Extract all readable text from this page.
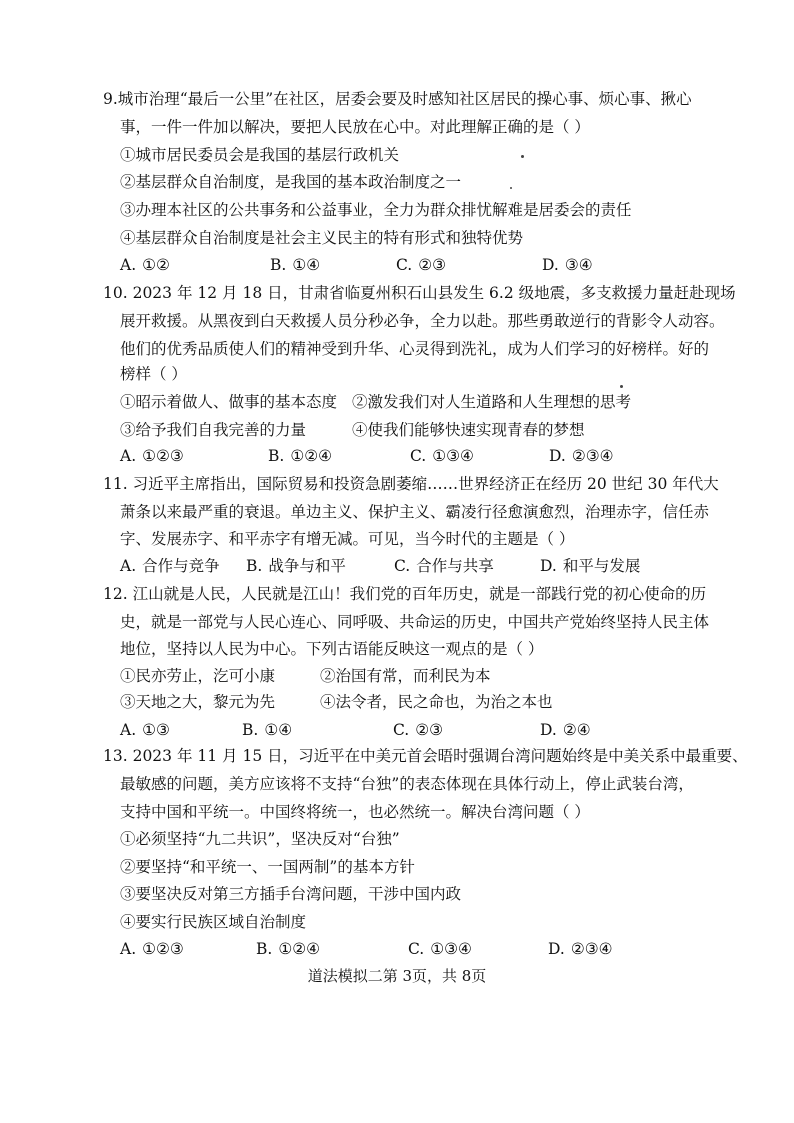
9.城市治理“最后一公里”在社区，居委会要及时感知社区居民的操心事、烦心事、揪心
事，一件一件加以解决，要把人民放在心中。对此理解正确的是（ ）
①城市居民委员会是我国的基层行政机关
②基层群众自治制度，是我国的基本政治制度之一
③办理本社区的公共事务和公益事业，全力为群众排忧解难是居委会的责任
④基层群众自治制度是社会主义民主的特有形式和独特优势
A. ①②	B. ①④	C. ②③	D. ③④
10. 2023 年 12 月 18 日，甘肃省临夏州积石山县发生 6.2 级地震，多支救援力量赶赴现场
展开救援。从黑夜到白天救援人员分秒必争，全力以赴。那些勇敢逆行的背影令人动容。
他们的优秀品质使人们的精神受到升华、心灵得到洗礼，成为人们学习的好榜样。好的
榜样（ ）
①昭示着做人、做事的基本态度 ②激发我们对人生道路和人生理想的思考
③给予我们自我完善的力量	④使我们能够快速实现青春的梦想
A. ①②③	B. ①②④	C. ①③④	D. ②③④
11. 习近平主席指出，国际贸易和投资急剧萎缩……世界经济正在经历 20 世纪 30 年代大
萧条以来最严重的衰退。单边主义、保护主义、霸凌行径愈演愈烈，治理赤字，信任赤
字、发展赤字、和平赤字有增无减。可见，当今时代的主题是（ ）
A. 合作与竞争 B. 战争与和平	C. 合作与共享	D. 和平与发展
12. 江山就是人民，人民就是江山！我们党的百年历史，就是一部践行党的初心使命的历
史，就是一部党与人民心连心、同呼吸、共命运的历史，中国共产党始终坚持人民主体
地位，坚持以人民为中心。下列古语能反映这一观点的是（ ）
①民亦劳止，汔可小康	②治国有常，而利民为本
③天地之大，黎元为先	④法令者，民之命也，为治之本也
A. ①③	B. ①④	C. ②③	D. ②④
13. 2023 年 11 月 15 日，习近平在中美元首会晤时强调台湾问题始终是中美关系中最重要、
最敏感的问题，美方应该将不支持“台独”的表态体现在具体行动上，停止武装台湾，
支持中国和平统一。中国终将统一，也必然统一。解决台湾问题（ ）
①必须坚持“九二共识”，坚决反对“台独”
②要坚持“和平统一、一国两制”的基本方针
③要坚决反对第三方插手台湾问题，干涉中国内政
④要实行民族区域自治制度
A. ①②③	B. ①②④	C. ①③④	D. ②③④
道法模拟二第 3页，共 8页
